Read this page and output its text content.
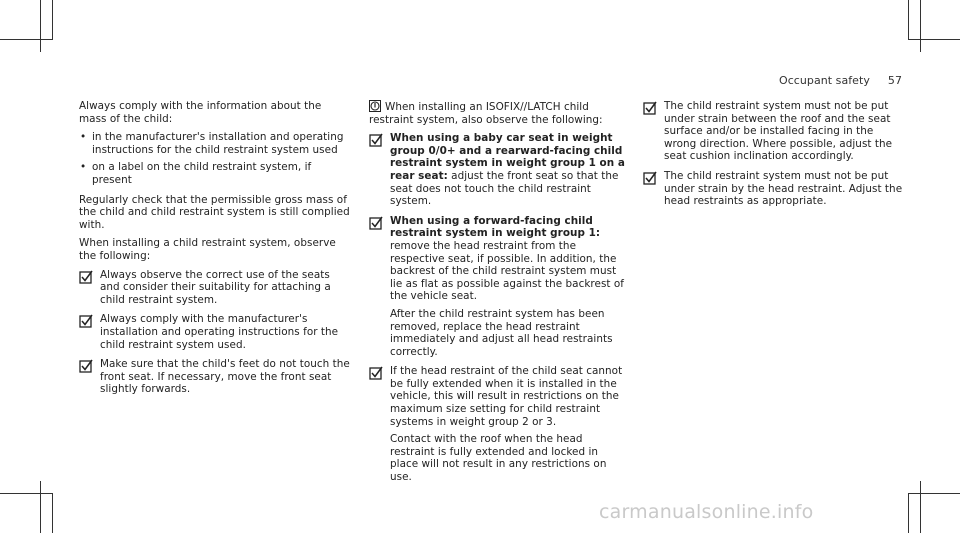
Occupant safety 57

Always comply with the information about the mass of the child:

• in the manufacturer's installation and operating instructions for the child restraint system used
• on a label on the child restraint system, if present

Regularly check that the permissible gross mass of the child and child restraint system is still complied with.

When installing a child restraint system, observe the following:

Always observe the correct use of the seats and consider their suitability for attaching a child restraint system.
Always comply with the manufacturer's installation and operating instructions for the child restraint system used.
Make sure that the child's feet do not touch the front seat. If necessary, move the front seat slightly forwards.

When installing an ISOFIX//LATCH child restraint system, also observe the following:

When using a baby car seat in weight group 0/0+ and a rearward-facing child restraint system in weight group 1 on a rear seat: adjust the front seat so that the seat does not touch the child restraint system.
When using a forward-facing child restraint system in weight group 1: remove the head restraint from the respective seat, if possible. In addition, the backrest of the child restraint system must lie as flat as possible against the backrest of the vehicle seat.
After the child restraint system has been removed, replace the head restraint immediately and adjust all head restraints correctly.
If the head restraint of the child seat cannot be fully extended when it is installed in the vehicle, this will result in restrictions on the maximum size setting for child restraint systems in weight group 2 or 3.
Contact with the roof when the head restraint is fully extended and locked in place will not result in any restrictions on use.
The child restraint system must not be put under strain between the roof and the seat surface and/or be installed facing in the wrong direction. Where possible, adjust the seat cushion inclination accordingly.
The child restraint system must not be put under strain by the head restraint. Adjust the head restraints as appropriate.
carmanualsonline.info
